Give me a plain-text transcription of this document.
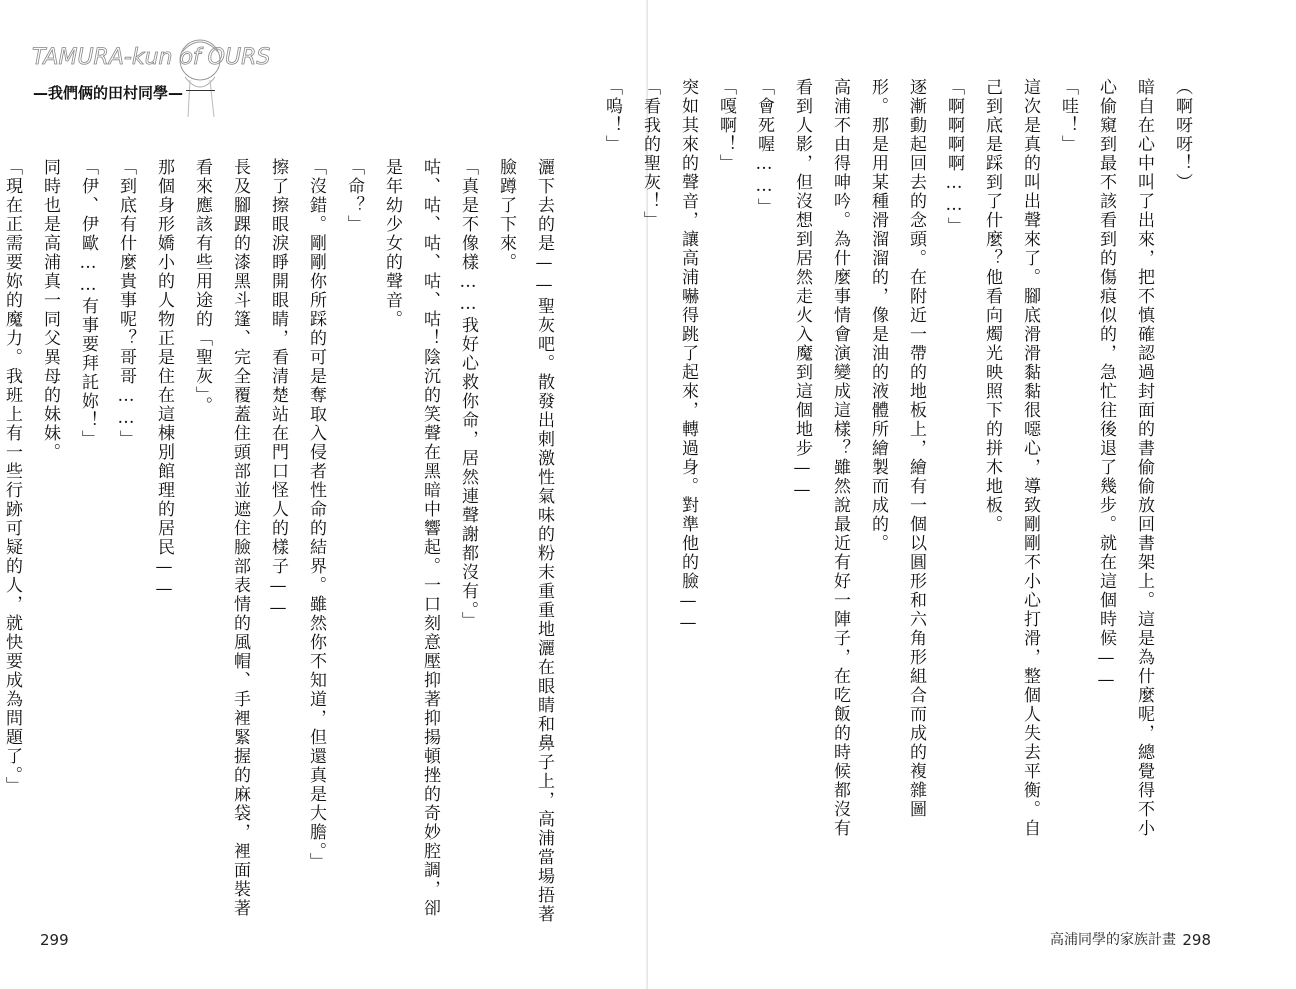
TAMURA-kun of OURS
—我們俩的田村同學—
灑下去的是——聖灰吧。散發出刺激性氣味的粉末重重地灑在眼睛和鼻子上，高浦當場捂著
臉蹲了下來。
「真是不像樣……我好心救你命，居然連聲謝都沒有。」
咕、咕、咕、咕、咕！陰沉的笑聲在黑暗中響起。一口刻意壓抑著抑揚頓挫的奇妙腔調，卻
是年幼少女的聲音。
「命？」
「沒錯。剛剛你所踩的可是奪取入侵者性命的結界。雖然你不知道，但還真是大膽。」
擦了擦眼淚睜開眼睛，看清楚站在門口怪人的樣子——
長及腳踝的漆黑斗篷、完全覆蓋住頭部並遮住臉部表情的風帽、手裡緊握的麻袋，裡面裝著
看來應該有些用途的「聖灰」。
那個身形嬌小的人物正是住在這棟別館理的居民——
「到底有什麼貴事呢？哥哥……」
「伊、伊歐……有事要拜託妳！」
同時也是高浦真一同父異母的妹妹。
「現在正需要妳的魔力。我班上有一些行跡可疑的人，就快要成為問題了。」
299
（啊呀呀！）
暗自在心中叫了出來，把不慎確認過封面的書偷偷放回書架上。這是為什麼呢，總覺得不小
心偷窺到最不該看到的傷痕似的，急忙往後退了幾步。就在這個時候——
「哇！」
這次是真的叫出聲來了。腳底滑滑黏黏很噁心，導致剛剛不小心打滑，整個人失去平衡。自
己到底是踩到了什麼？他看向燭光映照下的拼木地板。
「啊啊啊啊……」
逐漸動起回去的念頭。在附近一帶的地板上，繪有一個以圓形和六角形組合而成的複雜圖
形。那是用某種滑溜溜的，像是油的液體所繪製而成的。
高浦不由得呻吟。為什麼事情會演變成這樣？雖然說最近有好一陣子，在吃飯的時候都沒有
看到人影，但沒想到居然走火入魔到這個地步——
「會死喔……」
「嘎啊！」
突如其來的聲音，讓高浦嚇得跳了起來，轉過身。對準他的臉——
「看我的聖灰！」
「嗚！」
高浦同學的家族計畫 298
